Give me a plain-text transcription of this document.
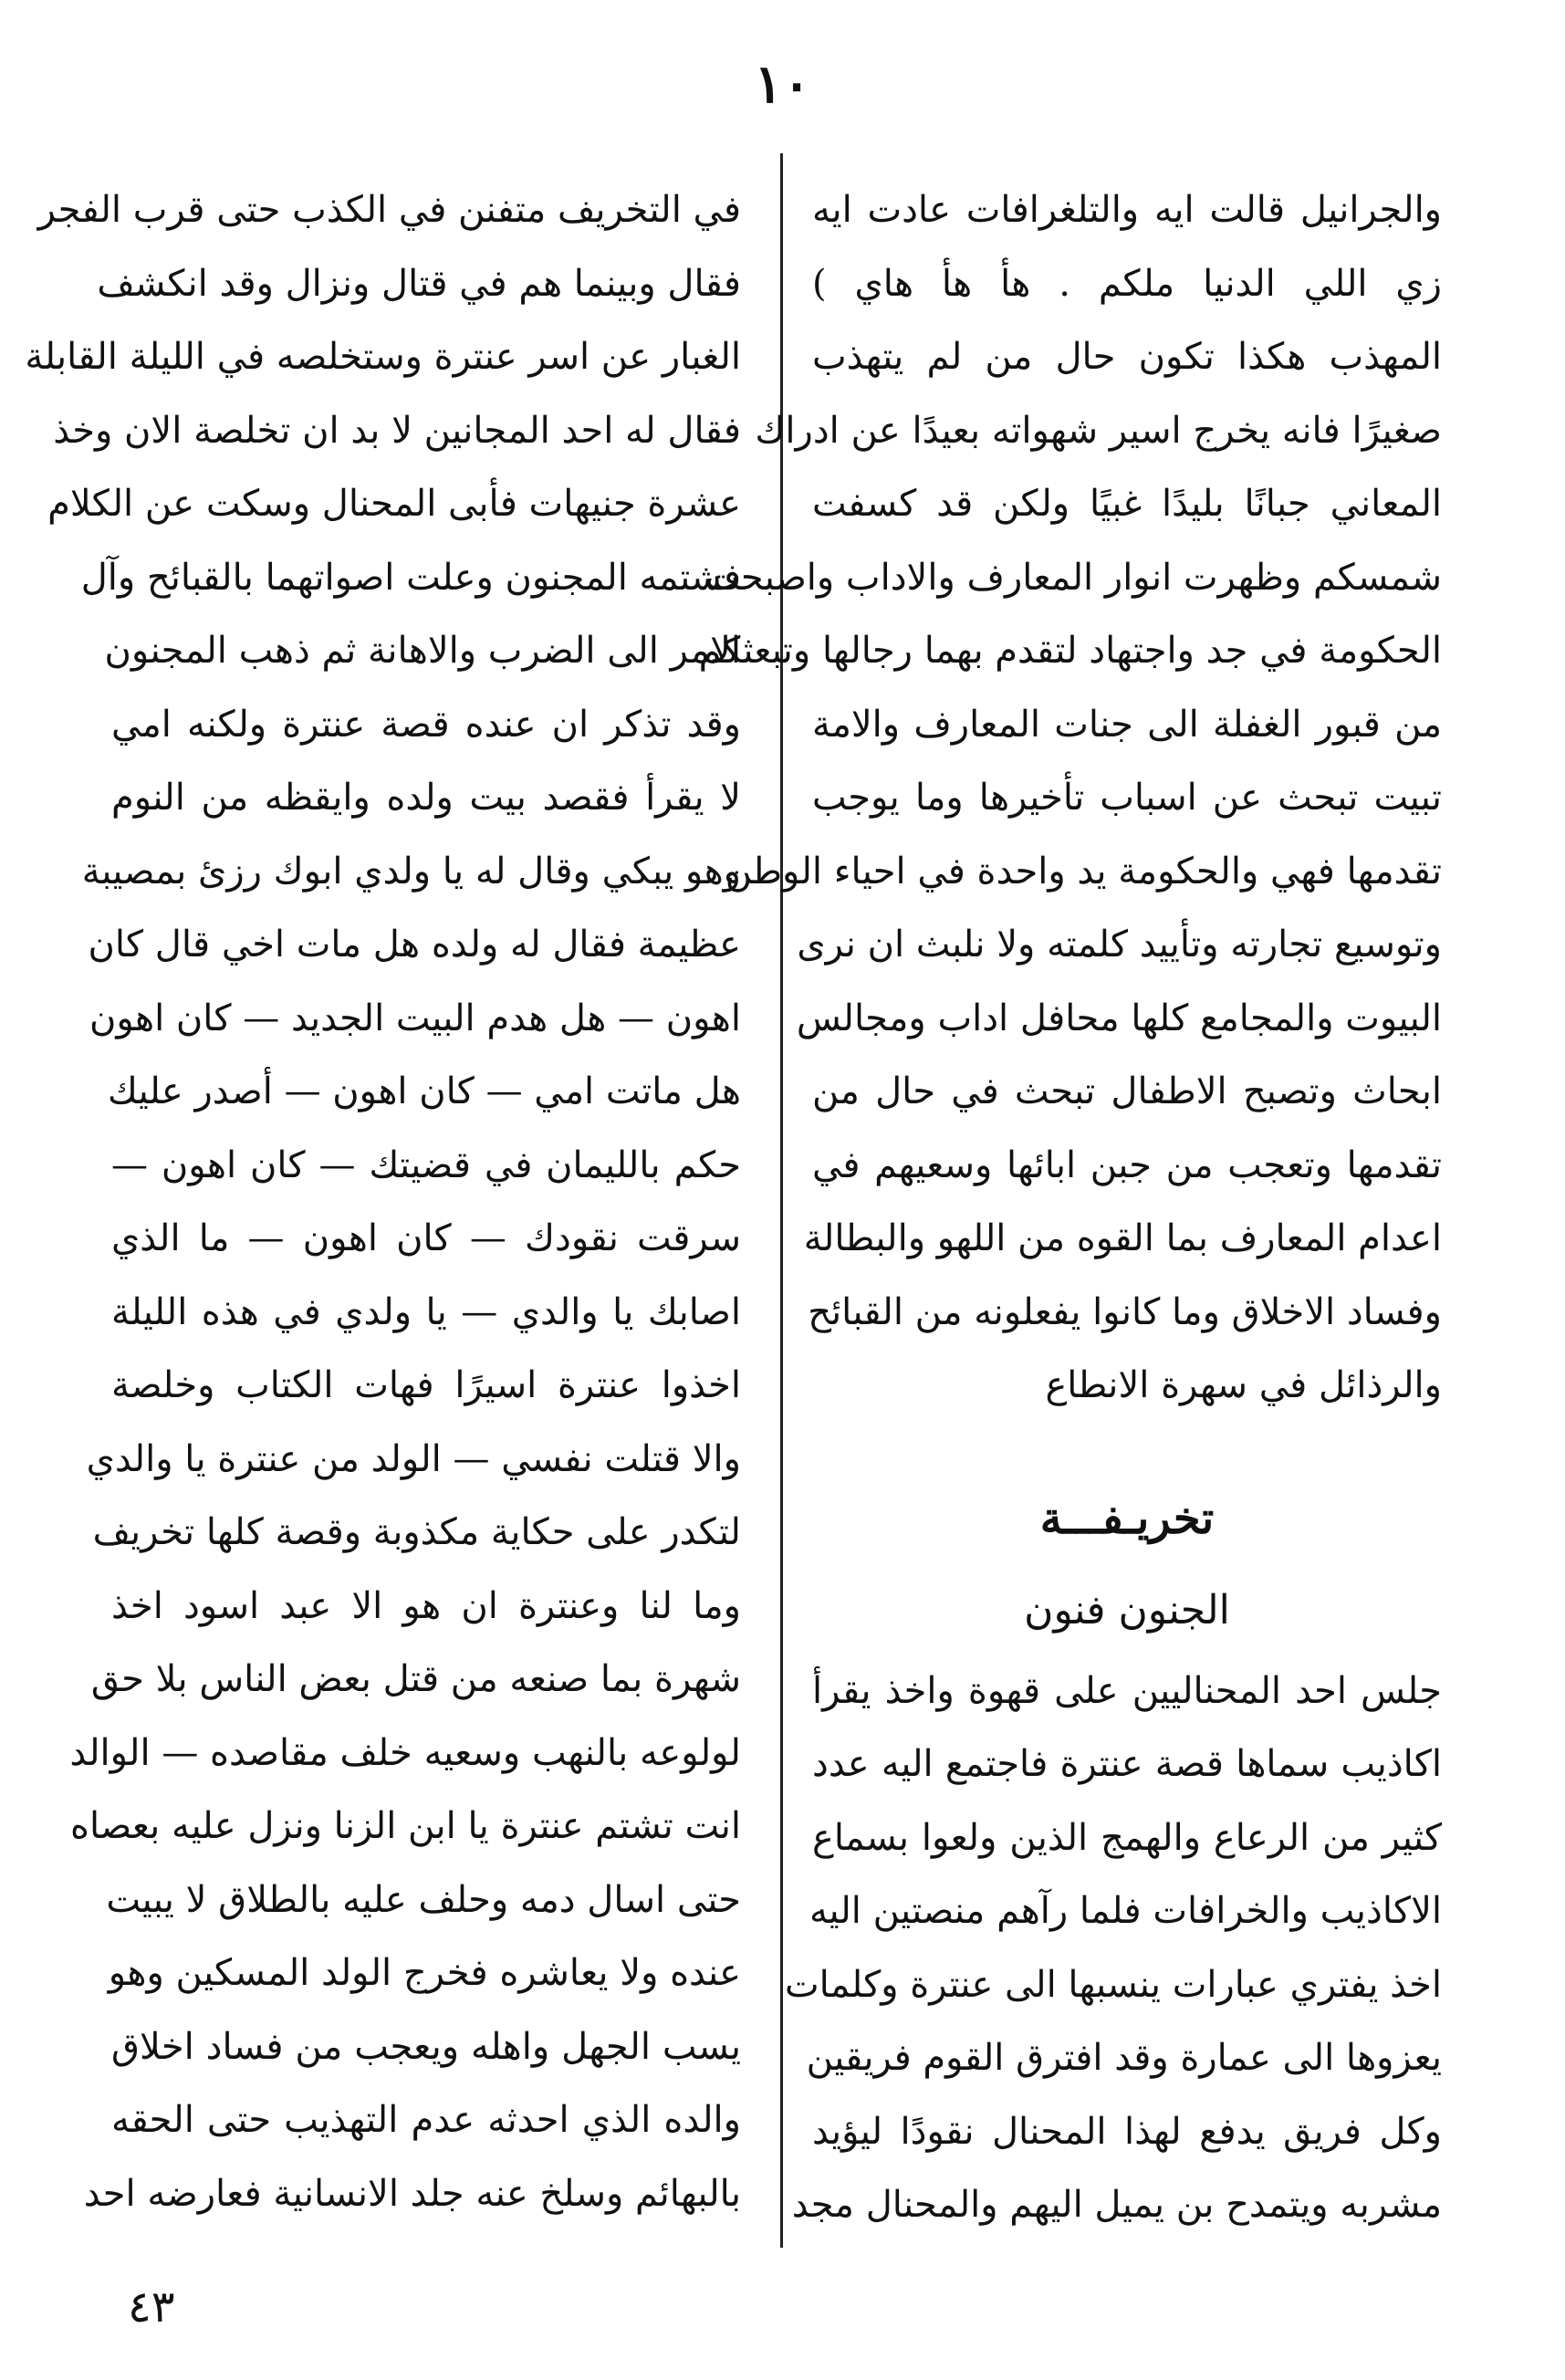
١٠
والجرانيل قالت ايه والتلغرافات عادت ايه
زي اللي الدنيا ملكم . هأ هأ هاي )
المهذب هكذا تكون حال من لم يتهذب
صغيرًا فانه يخرج اسير شهواته بعيدًا عن ادراك
المعاني جبانًا بليدًا غبيًا ولكن قد كسفت
شمسكم وظهرت انوار المعارف والاداب واصبحت
الحكومة في جد واجتهاد لتقدم بهما رجالها وتبعثكم
من قبور الغفلة الى جنات المعارف والامة
تبيت تبحث عن اسباب تأخيرها وما يوجب
تقدمها فهي والحكومة يد واحدة في احياء الوطن
وتوسيع تجارته وتأييد كلمته ولا نلبث ان نرى
البيوت والمجامع كلها محافل اداب ومجالس
ابحاث وتصبح الاطفال تبحث في حال من
تقدمها وتعجب من جبن ابائها وسعيهم في
اعدام المعارف بما القوه من اللهو والبطالة
وفساد الاخلاق وما كانوا يفعلونه من القبائح
والرذائل في سهرة الانطاع
تخريـفـــة
الجنون فنون
جلس احد المحناليين على قهوة واخذ يقرأ
اكاذيب سماها قصة عنترة فاجتمع اليه عدد
كثير من الرعاع والهمج الذين ولعوا بسماع
الاكاذيب والخرافات فلما رآهم منصتين اليه
اخذ يفتري عبارات ينسبها الى عنترة وكلمات
يعزوها الى عمارة وقد افترق القوم فريقين
وكل فريق يدفع لهذا المحنال نقودًا ليؤيد
مشربه ويتمدح بن يميل اليهم والمحنال مجد
في التخريف متفنن في الكذب حتى قرب الفجر
فقال وبينما هم في قتال ونزال وقد انكشف
الغبار عن اسر عنترة وستخلصه في الليلة القابلة
فقال له احد المجانين لا بد ان تخلصة الان وخذ
عشرة جنيهات فأبى المحنال وسكت عن الكلام
فشتمه المجنون وعلت اصواتهما بالقبائح وآل
الامر الى الضرب والاهانة ثم ذهب المجنون
وقد تذكر ان عنده قصة عنترة ولكنه امي
لا يقرأ فقصد بيت ولده وايقظه من النوم
وهو يبكي وقال له يا ولدي ابوك رزئ بمصيبة
عظيمة فقال له ولده هل مات اخي قال كان
اهون — هل هدم البيت الجديد — كان اهون
هل ماتت امي — كان اهون — أصدر عليك
حكم بالليمان في قضيتك — كان اهون —
سرقت نقودك — كان اهون — ما الذي
اصابك يا والدي — يا ولدي في هذه الليلة
اخذوا عنترة اسيرًا فهات الكتاب وخلصة
والا قتلت نفسي — الولد من عنترة يا والدي
لتكدر على حكاية مكذوبة وقصة كلها تخريف
وما لنا وعنترة ان هو الا عبد اسود اخذ
شهرة بما صنعه من قتل بعض الناس بلا حق
لولوعه بالنهب وسعيه خلف مقاصده — الوالد
انت تشتم عنترة يا ابن الزنا ونزل عليه بعصاه
حتى اسال دمه وحلف عليه بالطلاق لا يبيت
عنده ولا يعاشره فخرج الولد المسكين وهو
يسب الجهل واهله ويعجب من فساد اخلاق
والده الذي احدثه عدم التهذيب حتى الحقه
بالبهائم وسلخ عنه جلد الانسانية فعارضه احد
٤٣
